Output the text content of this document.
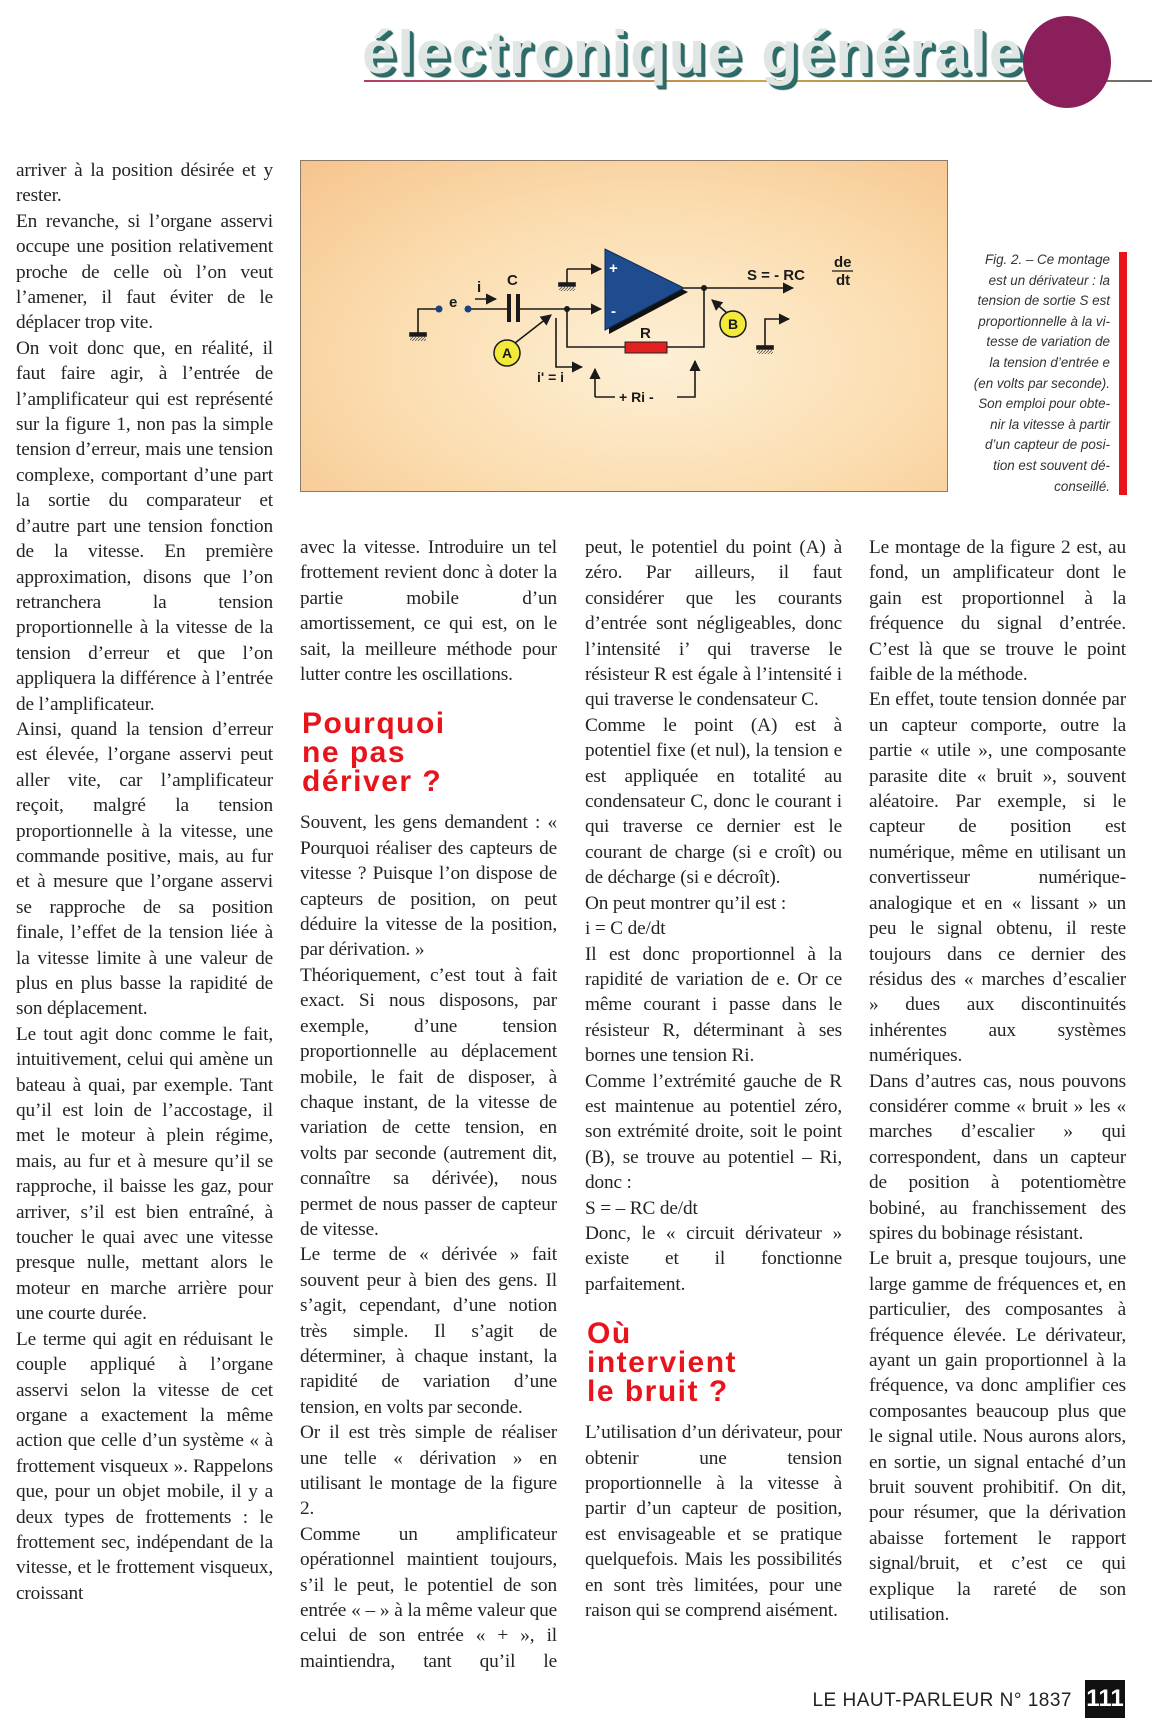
électronique générale
e
i C
+
-
S = - RC
de
dt
R
A
B
i' = i
+ Ri -
Fig. 2. – Ce montage
est un dérivateur : la
tension de sortie S est
proportionnelle à la vi-
tesse de variation de
la tension d’entrée e
(en volts par seconde).
Son emploi pour obte-
nir la vitesse à partir
d’un capteur de posi-
tion est souvent dé-
conseillé.

arriver à la position désirée et y rester.

En revanche, si l’organe asservi occupe une position relativement proche de celle où l’on veut l’amener, il faut éviter de le déplacer trop vite.

On voit donc que, en réalité, il faut faire agir, à l’entrée de l’amplificateur qui est représenté sur la figure 1, non pas la simple tension d’erreur, mais une tension complexe, comportant d’une part la sortie du comparateur et d’autre part une tension fonction de la vitesse. En première approximation, disons que l’on retranchera la tension proportionnelle à la vitesse de la tension d’erreur et que l’on appliquera la différence à l’entrée de l’amplificateur.

Ainsi, quand la tension d’erreur est élevée, l’organe asservi peut aller vite, car l’amplificateur reçoit, malgré la tension proportionnelle à la vitesse, une commande positive, mais, au fur et à mesure que l’organe asservi se rapproche de sa position finale, l’effet de la tension liée à la vitesse limite à une valeur de plus en plus basse la rapidité de son déplacement.

Le tout agit donc comme le fait, intuitivement, celui qui amène un bateau à quai, par exemple. Tant qu’il est loin de l’accostage, il met le moteur à plein régime, mais, au fur et à mesure qu’il se rapproche, il baisse les gaz, pour arriver, s’il est bien entraîné, à toucher le quai avec une vitesse presque nulle, mettant alors le moteur en marche arrière pour une courte durée.

Le terme qui agit en réduisant le couple appliqué à l’organe asservi selon la vitesse de cet organe a exactement la même action que celle d’un système « à frottement visqueux ». Rappelons que, pour un objet mobile, il y a deux types de frottements : le frottement sec, indépendant de la vitesse, et le frottement visqueux, croissant

avec la vitesse. Introduire un tel frottement revient donc à doter la partie mobile d’un amortissement, ce qui est, on le sait, la meilleure méthode pour lutter contre les oscillations.

Pourquoi
ne pas
dériver ?

Souvent, les gens demandent : « Pourquoi réaliser des capteurs de vitesse ? Puisque l’on dispose de capteurs de position, on peut déduire la vitesse de la position, par dérivation. »

Théoriquement, c’est tout à fait exact. Si nous disposons, par exemple, d’une tension proportionnelle au déplacement mobile, le fait de disposer, à chaque instant, de la vitesse de variation de cette tension, en volts par seconde (autrement dit, connaître sa dérivée), nous permet de nous passer de capteur de vitesse.

Le terme de « dérivée » fait souvent peur à bien des gens. Il s’agit, cependant, d’une notion très simple. Il s’agit de déterminer, à chaque instant, la rapidité de variation d’une tension, en volts par seconde.

Or il est très simple de réaliser une telle « dérivation » en utilisant le montage de la figure 2.

Comme un amplificateur opérationnel maintient toujours, s’il le peut, le potentiel de son entrée « – » à la même valeur que celui de son entrée « + », il maintiendra, tant qu’il le

peut, le potentiel du point (A) à zéro. Par ailleurs, il faut considérer que les courants d’entrée sont négligeables, donc l’intensité i’ qui traverse le résisteur R est égale à l’intensité i qui traverse le condensateur C.

Comme le point (A) est à potentiel fixe (et nul), la tension e est appliquée en totalité au condensateur C, donc le courant i qui traverse ce dernier est le courant de charge (si e croît) ou de décharge (si e décroît).

On peut montrer qu’il est :

i = C de/dt

Il est donc proportionnel à la rapidité de variation de e. Or ce même courant i passe dans le résisteur R, déterminant à ses bornes une tension Ri.

Comme l’extrémité gauche de R est maintenue au potentiel zéro, son extrémité droite, soit le point (B), se trouve au potentiel – Ri, donc :

S = – RC de/dt

Donc, le « circuit dérivateur » existe et il fonctionne parfaitement.

Où
intervient
le bruit ?

L’utilisation d’un dérivateur, pour obtenir une tension proportionnelle à la vitesse à partir d’un capteur de position, est envisageable et se pratique quelquefois. Mais les possibilités en sont très limitées, pour une raison qui se comprend aisément.

Le montage de la figure 2 est, au fond, un amplificateur dont le gain est proportionnel à la fréquence du signal d’entrée. C’est là que se trouve le point faible de la méthode.

En effet, toute tension donnée par un capteur comporte, outre la partie « utile », une composante parasite dite « bruit », souvent aléatoire. Par exemple, si le capteur de position est numérique, même en utilisant un convertisseur numérique-analogique et en « lissant » un peu le signal obtenu, il reste toujours dans ce dernier des résidus des « marches d’escalier » dues aux discontinuités inhérentes aux systèmes numériques.

Dans d’autres cas, nous pouvons considérer comme « bruit » les « marches d’escalier » qui correspondent, dans un capteur de position à potentiomètre bobiné, au franchissement des spires du bobinage résistant.

Le bruit a, presque toujours, une large gamme de fréquences et, en particulier, des composantes à fréquence élevée. Le dérivateur, ayant un gain proportionnel à la fréquence, va donc amplifier ces composantes beaucoup plus que le signal utile. Nous aurons alors, en sortie, un signal entaché d’un bruit souvent prohibitif. On dit, pour résumer, que la dérivation abaisse fortement le rapport signal/bruit, et c’est ce qui explique la rareté de son utilisation.

LE HAUT-PARLEUR N° 1837 111
